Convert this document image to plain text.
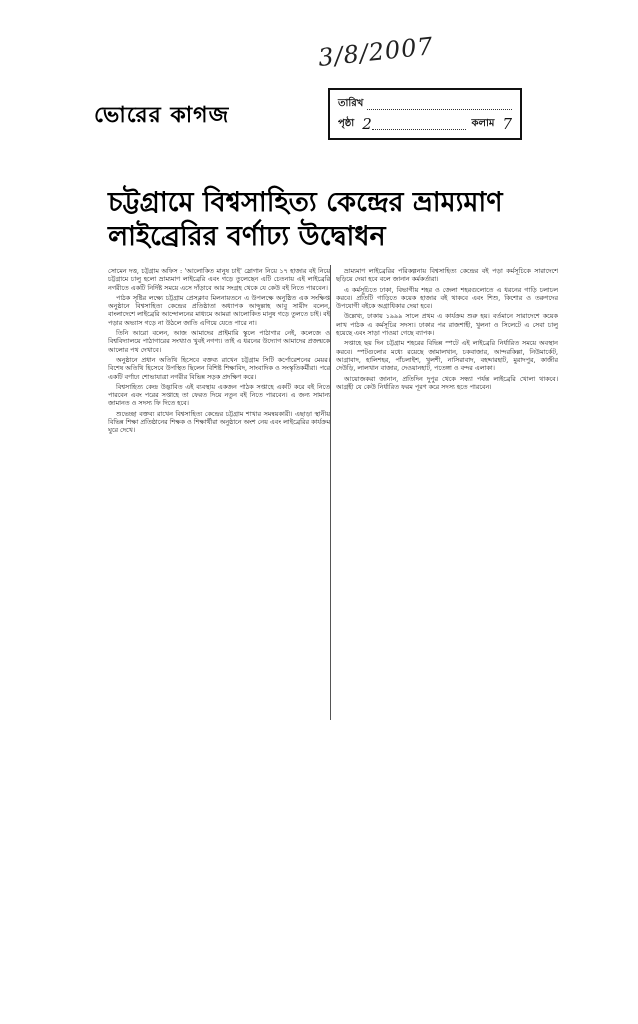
3/8/2007
ভোরের কাগজ	তারিখ
পৃষ্ঠা 2	কলাম 7
চট্টগ্রামে বিশ্বসাহিত্য কেন্দ্রের ভ্রাম্যমাণ
লাইব্রেরির বর্ণাঢ্য উদ্বোধন

সোমেন দত্ত, চট্টগ্রাম অফিস : 'আলোকিত মানুষ চাই' স্লোগান নিয়ে ১৭ হাজার বই নিয়ে চট্টগ্রামে চালু হলো ভ্রাম্যমাণ লাইব্রেরি এবং গড়ে তুলেছেন এটি চেতনায় এই লাইব্রেরি নগরীতে একটি নির্দিষ্ট সময়ে এসে দাঁড়াবে আর সংগ্রহ থেকে যে কেউ বই নিতে পারবেন।

পাঠক সৃষ্টির লক্ষ্যে চট্টগ্রাম প্রেসক্লাব মিলনায়তনে এ উপলক্ষে অনুষ্ঠিত এক সংক্ষিপ্ত অনুষ্ঠানে বিশ্বসাহিত্য কেন্দ্রের প্রতিষ্ঠাতা অধ্যাপক আব্দুল্লাহ আবু সায়ীদ বলেন, বাংলাদেশে লাইব্রেরি আন্দোলনের মাধ্যমে আমরা আলোকিত মানুষ গড়ে তুলতে চাই। বই পড়ার অভ্যাস গড়ে না উঠলে জাতি এগিয়ে যেতে পারে না।

তিনি আরো বলেন, আজ আমাদের প্রাইমারি স্কুলে পাঠাগার নেই, কলেজে ও বিশ্ববিদ্যালয়ে পাঠাগারের সংখ্যাও খুবই নগণ্য। তাই এ ধরনের উদ্যোগ আমাদের প্রজন্মকে আলোর পথ দেখাবে।

অনুষ্ঠানে প্রধান অতিথি হিসেবে বক্তব্য রাখেন চট্টগ্রাম সিটি কর্পোরেশনের মেয়র। বিশেষ অতিথি হিসেবে উপস্থিত ছিলেন বিশিষ্ট শিক্ষাবিদ, সাংবাদিক ও সংস্কৃতিকর্মীরা। পরে একটি বর্ণাঢ্য শোভাযাত্রা নগরীর বিভিন্ন সড়ক প্রদক্ষিণ করে।

বিশ্বসাহিত্য কেন্দ্র উদ্ভাবিত এই ব্যবস্থায় একজন পাঠক সপ্তাহে একটি করে বই নিতে পারবেন এবং পরের সপ্তাহে তা ফেরত দিয়ে নতুন বই নিতে পারবেন। এ জন্য সামান্য জামানত ও সদস্য ফি দিতে হবে।

শুভেচ্ছা বক্তব্য রাখেন বিশ্বসাহিত্য কেন্দ্রের চট্টগ্রাম শাখার সমন্বয়কারী। এছাড়া স্থানীয় বিভিন্ন শিক্ষা প্রতিষ্ঠানের শিক্ষক ও শিক্ষার্থীরা অনুষ্ঠানে অংশ নেয় এবং লাইব্রেরির কার্যক্রম ঘুরে দেখে।

ভ্রাম্যমাণ লাইব্রেরির পরিকল্পনায় বিশ্বসাহিত্য কেন্দ্রের বই পড়া কর্মসূচিকে সারাদেশে ছড়িয়ে দেয়া হবে বলে জানান কর্মকর্তারা।

এ কর্মসূচিতে ঢাকা, বিভাগীয় শহর ও জেলা শহরগুলোতে এ ধরনের গাড়ি চলাচল করবে। প্রতিটি গাড়িতে কয়েক হাজার বই থাকবে এবং শিশু, কিশোর ও তরুণদের উপযোগী বইকে অগ্রাধিকার দেয়া হবে।

উল্লেখ্য, ঢাকায় ১৯৯৯ সালে প্রথম এ কার্যক্রম শুরু হয়। বর্তমানে সারাদেশে কয়েক লাখ পাঠক এ কর্মসূচির সদস্য। ঢাকার পর রাজশাহী, খুলনা ও সিলেটে এ সেবা চালু হয়েছে এবং সাড়া পাওয়া গেছে ব্যাপক।

সপ্তাহে ছয় দিন চট্টগ্রাম শহরের বিভিন্ন স্পটে এই লাইব্রেরি নির্ধারিত সময়ে অবস্থান করবে। স্পটগুলোর মধ্যে রয়েছে জামালখান, চকবাজার, আন্দরকিল্লা, নিউমার্কেট, আগ্রাবাদ, হালিশহর, পাঁচলাইশ, খুলশী, নাসিরাবাদ, বহদ্দারহাট, মুরাদপুর, কাজীর দেউড়ি, লালখান বাজার, দেওয়ানহাট, পতেঙ্গা ও বন্দর এলাকা।

আয়োজকরা জানান, প্রতিদিন দুপুর থেকে সন্ধ্যা পর্যন্ত লাইব্রেরি খোলা থাকবে। আগ্রহী যে কেউ নির্ধারিত ফরম পূরণ করে সদস্য হতে পারবেন।
